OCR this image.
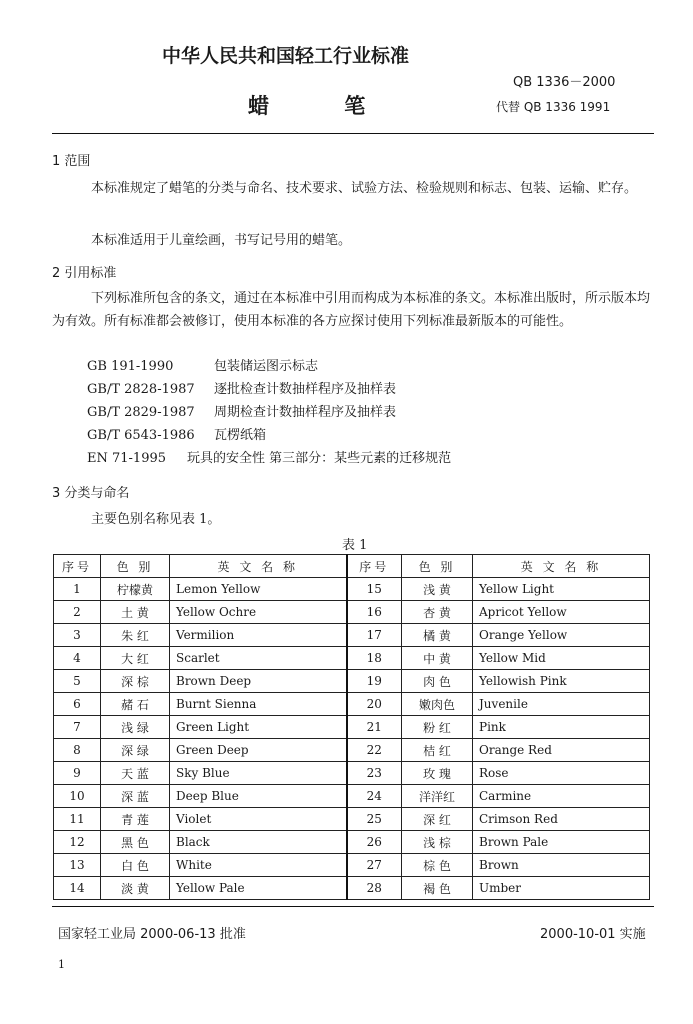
中华人民共和国轻工行业标准
QB 1336－2000
蜡 笔	代替 QB 1336 1991
1 范围
本标准规定了蜡笔的分类与命名、技术要求、试验方法、检验规则和标志、包装、运输、贮存。
本标准适用于儿童绘画，书写记号用的蜡笔。
2 引用标准
下列标准所包含的条文，通过在本标准中引用而构成为本标准的条文。本标准出版时，所示版本均为有效。所有标准都会被修订，使用本标准的各方应探讨使用下列标准最新版本的可能性。
GB 191-1990	包装储运图示标志
GB/T 2828-1987 逐批检查计数抽样程序及抽样表
GB/T 2829-1987 周期检查计数抽样程序及抽样表
GB/T 6543-1986 瓦楞纸箱
EN 71-1995 玩具的安全性 第三部分：某些元素的迁移规范
3 分类与命名
主要色别名称见表 1。
表 1
序号	色 别	英 文 名 称	序号	色 别	英 文 名 称
1	柠檬黄	Lemon Yellow	15	浅 黄	Yellow Light
2	土 黄	Yellow Ochre	16	杏 黄	Apricot Yellow
3	朱 红	Vermilion	17	橘 黄	Orange Yellow
4	大 红	Scarlet	18	中 黄	Yellow Mid
5	深 棕	Brown Deep	19	肉 色	Yellowish Pink
6	赭 石	Burnt Sienna	20	嫩肉色	Juvenile
7	浅 绿	Green Light	21	粉 红	Pink
8	深 绿	Green Deep	22	桔 红	Orange Red
9	天 蓝	Sky Blue	23	玫 瑰	Rose
10	深 蓝	Deep Blue	24	洋洋红	Carmine
11	青 莲	Violet	25	深 红	Crimson Red
12	黑 色	Black	26	浅 棕	Brown Pale
13	白 色	White	27	棕 色	Brown
14	淡 黄	Yellow Pale	28	褐 色	Umber
国家轻工业局 2000-06-13 批准	2000-10-01 实施
1
